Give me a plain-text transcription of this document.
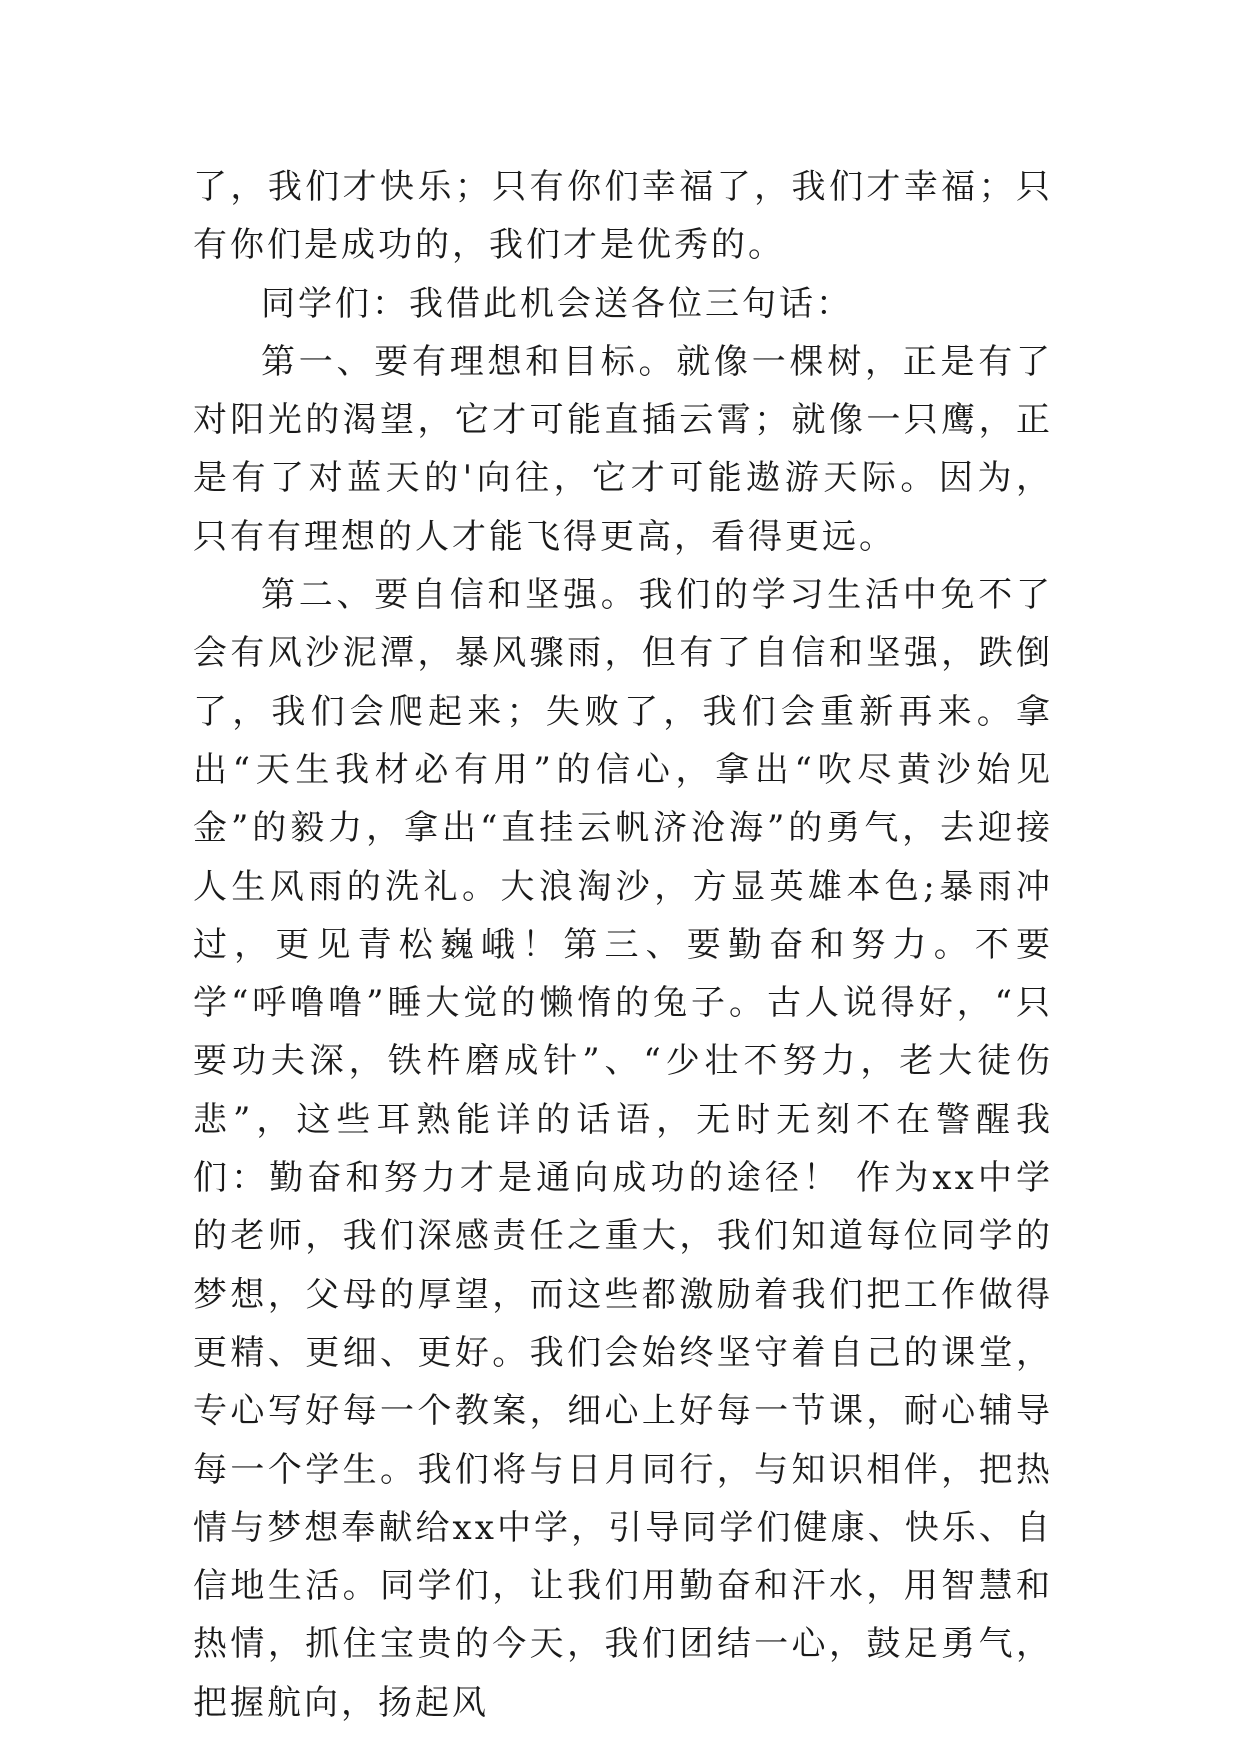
了，我们才快乐；只有你们幸福了，我们才幸福；只有你们是成功的，我们才是优秀的。

同学们：我借此机会送各位三句话：

第一、要有理想和目标。就像一棵树，正是有了对阳光的渴望，它才可能直插云霄；就像一只鹰，正是有了对蓝天的'向往，它才可能遨游天际。因为，只有有理想的人才能飞得更高，看得更远。

第二、要自信和坚强。我们的学习生活中免不了会有风沙泥潭，暴风骤雨，但有了自信和坚强，跌倒了，我们会爬起来；失败了，我们会重新再来。拿出“天生我材必有用”的信心，拿出“吹尽黄沙始见金”的毅力，拿出“直挂云帆济沧海”的勇气，去迎接人生风雨的洗礼。大浪淘沙，方显英雄本色;暴雨冲过，更见青松巍峨！第三、要勤奋和努力。不要学“呼噜噜”睡大觉的懒惰的兔子。古人说得好，“只要功夫深，铁杵磨成针”、“少壮不努力，老大徒伤悲”，这些耳熟能详的话语，无时无刻不在警醒我们：勤奋和努力才是通向成功的途径！ 作为xx中学的老师，我们深感责任之重大，我们知道每位同学的梦想，父母的厚望，而这些都激励着我们把工作做得更精、更细、更好。我们会始终坚守着自己的课堂，专心写好每一个教案，细心上好每一节课，耐心辅导每一个学生。我们将与日月同行，与知识相伴，把热情与梦想奉献给xx中学，引导同学们健康、快乐、自信地生活。同学们，让我们用勤奋和汗水，用智慧和热情，抓住宝贵的今天，我们团结一心，鼓足勇气，把握航向，扬起风
